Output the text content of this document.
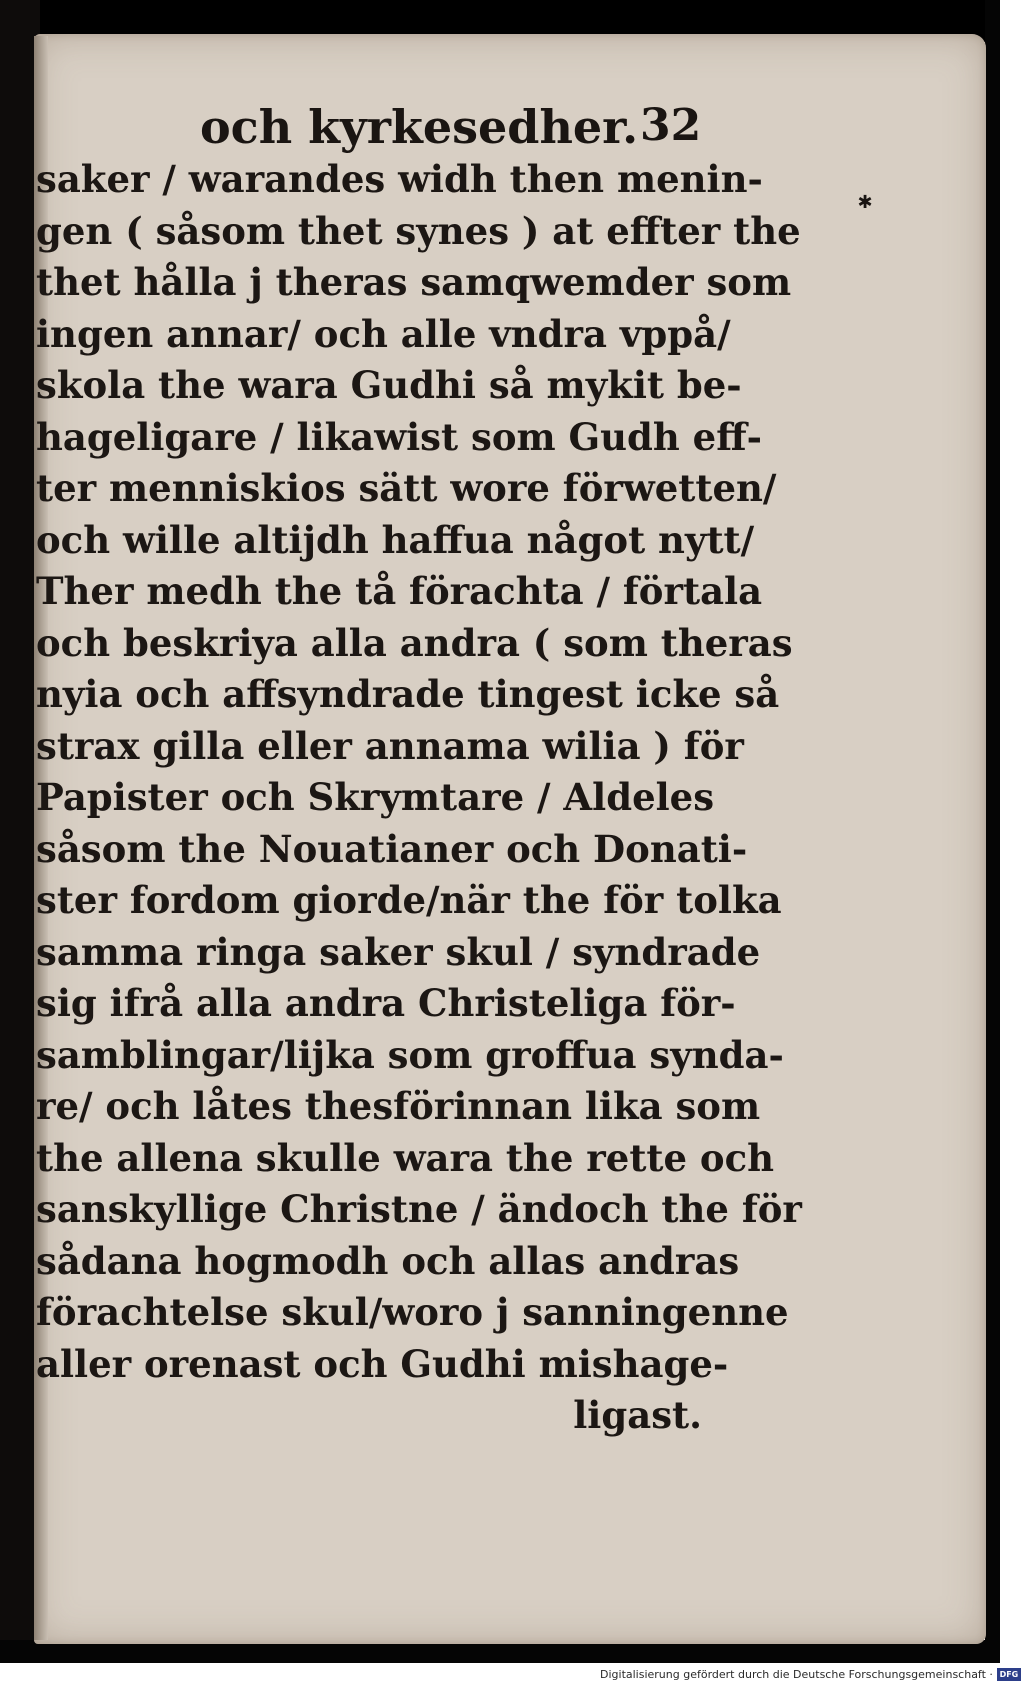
och kyrkesedher. 32
✱
saker / warandes widh then menin-
gen ( såsom thet synes ) at effter the
thet hålla j theras samqwemder som
ingen annar/ och alle vndra vppå/
skola the wara Gudhi så mykit be-
hageligare / likawist som Gudh eff-
ter menniskios sätt wore förwetten/
och wille altijdh haffua något nytt/
Ther medh the tå förachta / förtala
och beskriya alla andra ( som theras
nyia och affsyndrade tingest icke så
strax gilla eller annama wilia ) för
Papister och Skrymtare / Aldeles
såsom the Nouatianer och Donati-
ster fordom giorde/när the för tolka
samma ringa saker skul / syndrade
sig ifrå alla andra Christeliga för-
samblingar/lijka som groffua synda-
re/ och låtes thesförinnan lika som
the allena skulle wara the rette och
sanskyllige Christne / ändoch the för
sådana hogmodh och allas andras
förachtelse skul/woro j sanningenne
aller orenast och Gudhi mishage-
ligast.
Digitalisierung gefördert durch die Deutsche Forschungsgemeinschaft · DFG
